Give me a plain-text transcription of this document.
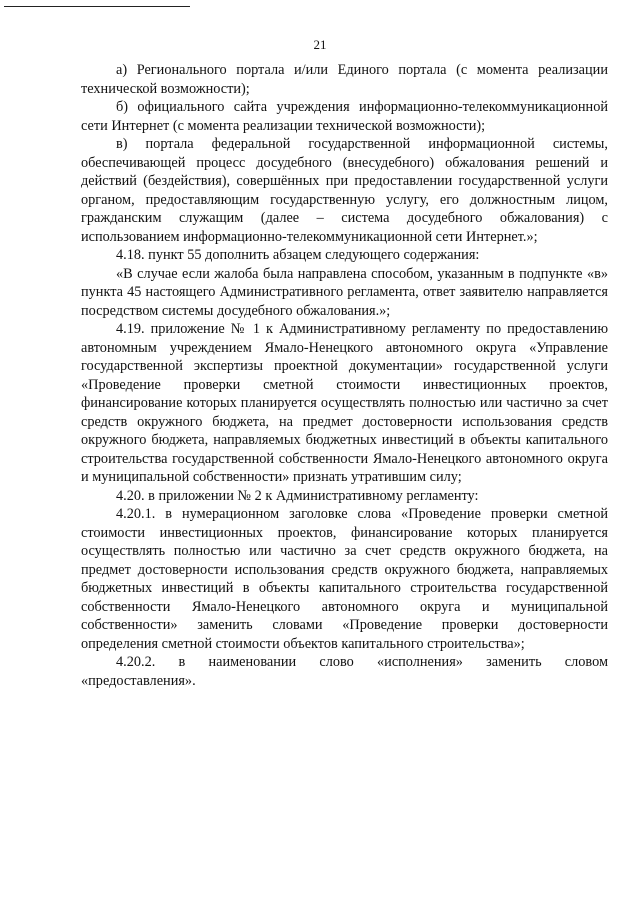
21

а) Регионального портала и/или Единого портала (с момента реализации технической возможности);

б) официального сайта учреждения информационно-телекоммуникационной сети Интернет (с момента реализации технической возможности);

в) портала федеральной государственной информационной системы, обеспечивающей процесс досудебного (внесудебного) обжалования решений и действий (бездействия), совершённых при предоставлении государственной услуги органом, предоставляющим государственную услугу, его должностным лицом, гражданским служащим (далее – система досудебного обжалования) с использованием информационно-телекоммуникационной сети Интернет.»;

4.18. пункт 55 дополнить абзацем следующего содержания:

«В случае если жалоба была направлена способом, указанным в подпункте «в» пункта 45 настоящего Административного регламента, ответ заявителю направляется посредством системы досудебного обжалования.»;

4.19. приложение № 1 к Административному регламенту по предоставлению автономным учреждением Ямало-Ненецкого автономного округа «Управление государственной экспертизы проектной документации» государственной услуги «Проведение проверки сметной стоимости инвестиционных проектов, финансирование которых планируется осуществлять полностью или частично за счет средств окружного бюджета, на предмет достоверности использования средств окружного бюджета, направляемых бюджетных инвестиций в объекты капитального строительства государственной собственности Ямало-Ненецкого автономного округа и муниципальной собственности» признать утратившим силу;

4.20. в приложении № 2 к Административному регламенту:

4.20.1. в нумерационном заголовке слова «Проведение проверки сметной стоимости инвестиционных проектов, финансирование которых планируется осуществлять полностью или частично за счет средств окружного бюджета, на предмет достоверности использования средств окружного бюджета, направляемых бюджетных инвестиций в объекты капитального строительства государственной собственности Ямало-Ненецкого автономного округа и муниципальной собственности» заменить словами «Проведение проверки достоверности определения сметной стоимости объектов капитального строительства»;

4.20.2. в наименовании слово «исполнения» заменить словом «предоставления».
